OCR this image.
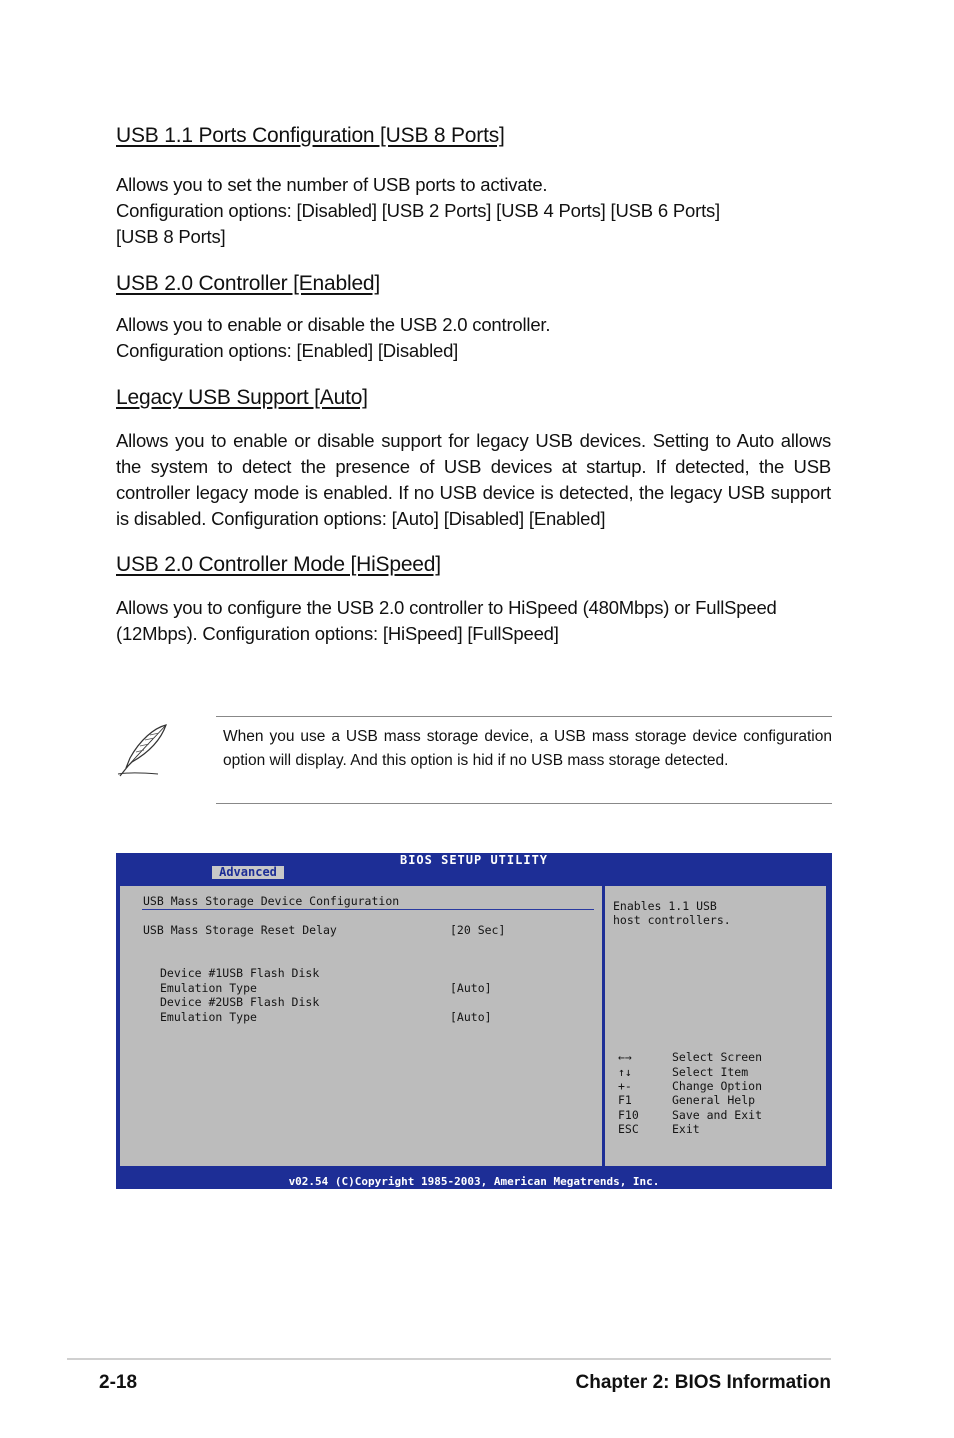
USB 1.1 Ports Configuration [USB 8 Ports]

Allows you to set the number of USB ports to activate.
Configuration options: [Disabled] [USB 2 Ports] [USB 4 Ports] [USB 6 Ports]
[USB 8 Ports]

USB 2.0 Controller [Enabled]

Allows you to enable or disable the USB 2.0 controller.
Configuration options: [Enabled] [Disabled]

Legacy USB Support [Auto]

Allows you to enable or disable support for legacy USB devices. Setting to Auto allows the system to detect the presence of USB devices at startup. If detected, the USB controller legacy mode is enabled. If no USB device is detected, the legacy USB support is disabled. Configuration options: [Auto] [Disabled] [Enabled]

USB 2.0 Controller Mode [HiSpeed]

Allows you to configure the USB 2.0 controller to HiSpeed (480Mbps) or FullSpeed (12Mbps). Configuration options: [HiSpeed] [FullSpeed]

When you use a USB mass storage device, a USB mass storage device configuration option will display. And this option is hid if no USB mass storage detected.

BIOS SETUP UTILITY
Advanced
USB Mass Storage Device Configuration
USB Mass Storage Reset Delay	[20 Sec]
Device #1USB Flash Disk
Emulation Type	[Auto]
Device #2USB Flash Disk
Emulation Type	[Auto]
Enables 1.1 USB
host controllers.
←→	Select Screen
↑↓	Select Item
+-	Change Option
F1	General Help
F10	Save and Exit
ESC	Exit
v02.54 (C)Copyright 1985-2003, American Megatrends, Inc.
2-18	Chapter 2: BIOS Information
